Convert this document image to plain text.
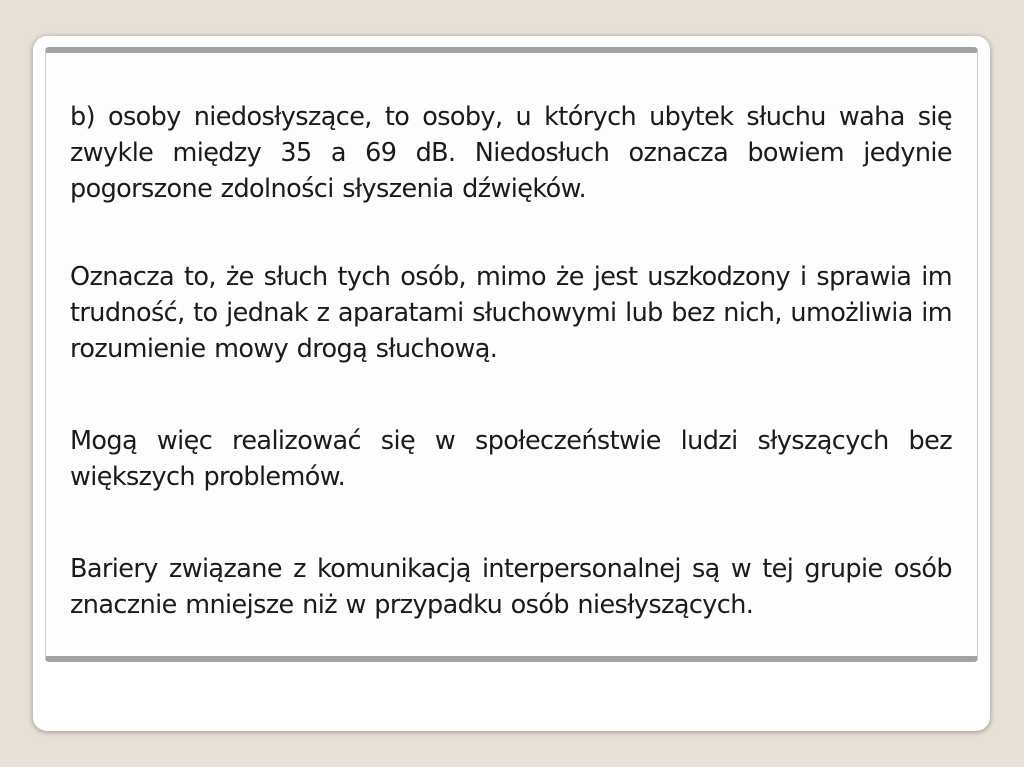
b) osoby niedosłyszące, to osoby, u których ubytek słuchu waha się zwykle między 35 a 69 dB. Niedosłuch oznacza bowiem jedynie pogorszone zdolności słyszenia dźwięków.

Oznacza to, że słuch tych osób, mimo że jest uszkodzony i sprawia im trudność, to jednak z aparatami słuchowymi lub bez nich, umożliwia im rozumienie mowy drogą słuchową.

Mogą więc realizować się w społeczeństwie ludzi słyszących bez większych problemów.

Bariery związane z komunikacją interpersonalnej są w tej grupie osób znacznie mniejsze niż w przypadku osób niesłyszących.
